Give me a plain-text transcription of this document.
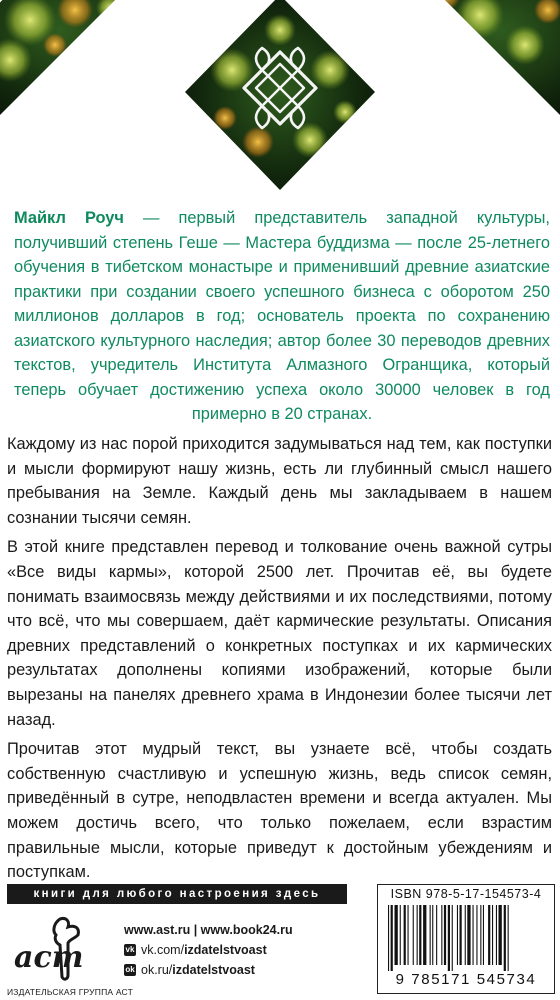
Майкл Роуч — первый представитель западной культуры, получивший степень Геше — Мастера буддизма — после 25-летнего обучения в тибетском монастыре и применивший древние азиатские практики при создании своего успешного бизнеса с оборотом 250 миллионов долларов в год; основатель проекта по сохранению азиатского культурного наследия; автор более 30 переводов древних текстов, учредитель Института Алмазного Огранщика, который теперь обучает достижению успеха около 30000 человек в год примерно в 20 странах.

Каждому из нас порой приходится задумываться над тем, как поступки и мысли формируют нашу жизнь, есть ли глубинный смысл нашего пребывания на Земле. Каждый день мы закладываем в нашем сознании тысячи семян.

В этой книге представлен перевод и толкование очень важной сутры «Все виды кармы», которой 2500 лет. Прочитав её, вы будете понимать взаимосвязь между действиями и их последствиями, потому что всё, что мы совершаем, даёт кармические результаты. Описания древних представлений о конкретных поступках и их кармических результатах дополнены копиями изображений, которые были вырезаны на панелях древнего храма в Индонезии более тысячи лет назад.

Прочитав этот мудрый текст, вы узнаете всё, чтобы создать собственную счастливую и успешную жизнь, ведь список семян, приведённый в сутре, неподвластен времени и всегда актуален. Мы можем достичь всего, что только пожелаем, если взрастим правильные мысли, которые приведут к достойным убеждениям и поступкам.

книги для любого настроения здесь
аст
ИЗДАТЕЛЬСКАЯ ГРУППА АСТ
www.ast.ru | www.book24.ru
vk vk.com/ izdatelstvoast
ok ok.ru/ izdatelstvoast
ISBN 978-5-17-154573-4
9 785171 545734
